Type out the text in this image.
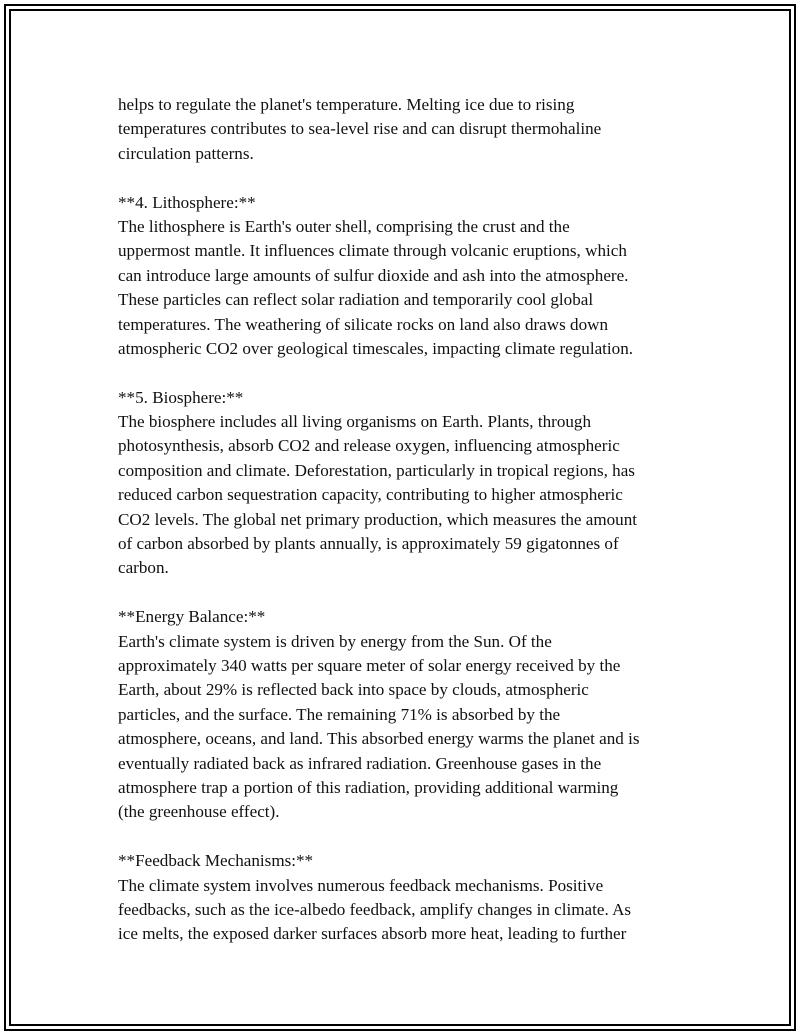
helps to regulate the planet's temperature. Melting ice due to rising
temperatures contributes to sea-level rise and can disrupt thermohaline
circulation patterns.
**4. Lithosphere:**
The lithosphere is Earth's outer shell, comprising the crust and the
uppermost mantle. It influences climate through volcanic eruptions, which
can introduce large amounts of sulfur dioxide and ash into the atmosphere.
These particles can reflect solar radiation and temporarily cool global
temperatures. The weathering of silicate rocks on land also draws down
atmospheric CO2 over geological timescales, impacting climate regulation.
**5. Biosphere:**
The biosphere includes all living organisms on Earth. Plants, through
photosynthesis, absorb CO2 and release oxygen, influencing atmospheric
composition and climate. Deforestation, particularly in tropical regions, has
reduced carbon sequestration capacity, contributing to higher atmospheric
CO2 levels. The global net primary production, which measures the amount
of carbon absorbed by plants annually, is approximately 59 gigatonnes of
carbon.
**Energy Balance:**
Earth's climate system is driven by energy from the Sun. Of the
approximately 340 watts per square meter of solar energy received by the
Earth, about 29% is reflected back into space by clouds, atmospheric
particles, and the surface. The remaining 71% is absorbed by the
atmosphere, oceans, and land. This absorbed energy warms the planet and is
eventually radiated back as infrared radiation. Greenhouse gases in the
atmosphere trap a portion of this radiation, providing additional warming
(the greenhouse effect).
**Feedback Mechanisms:**
The climate system involves numerous feedback mechanisms. Positive
feedbacks, such as the ice-albedo feedback, amplify changes in climate. As
ice melts, the exposed darker surfaces absorb more heat, leading to further
